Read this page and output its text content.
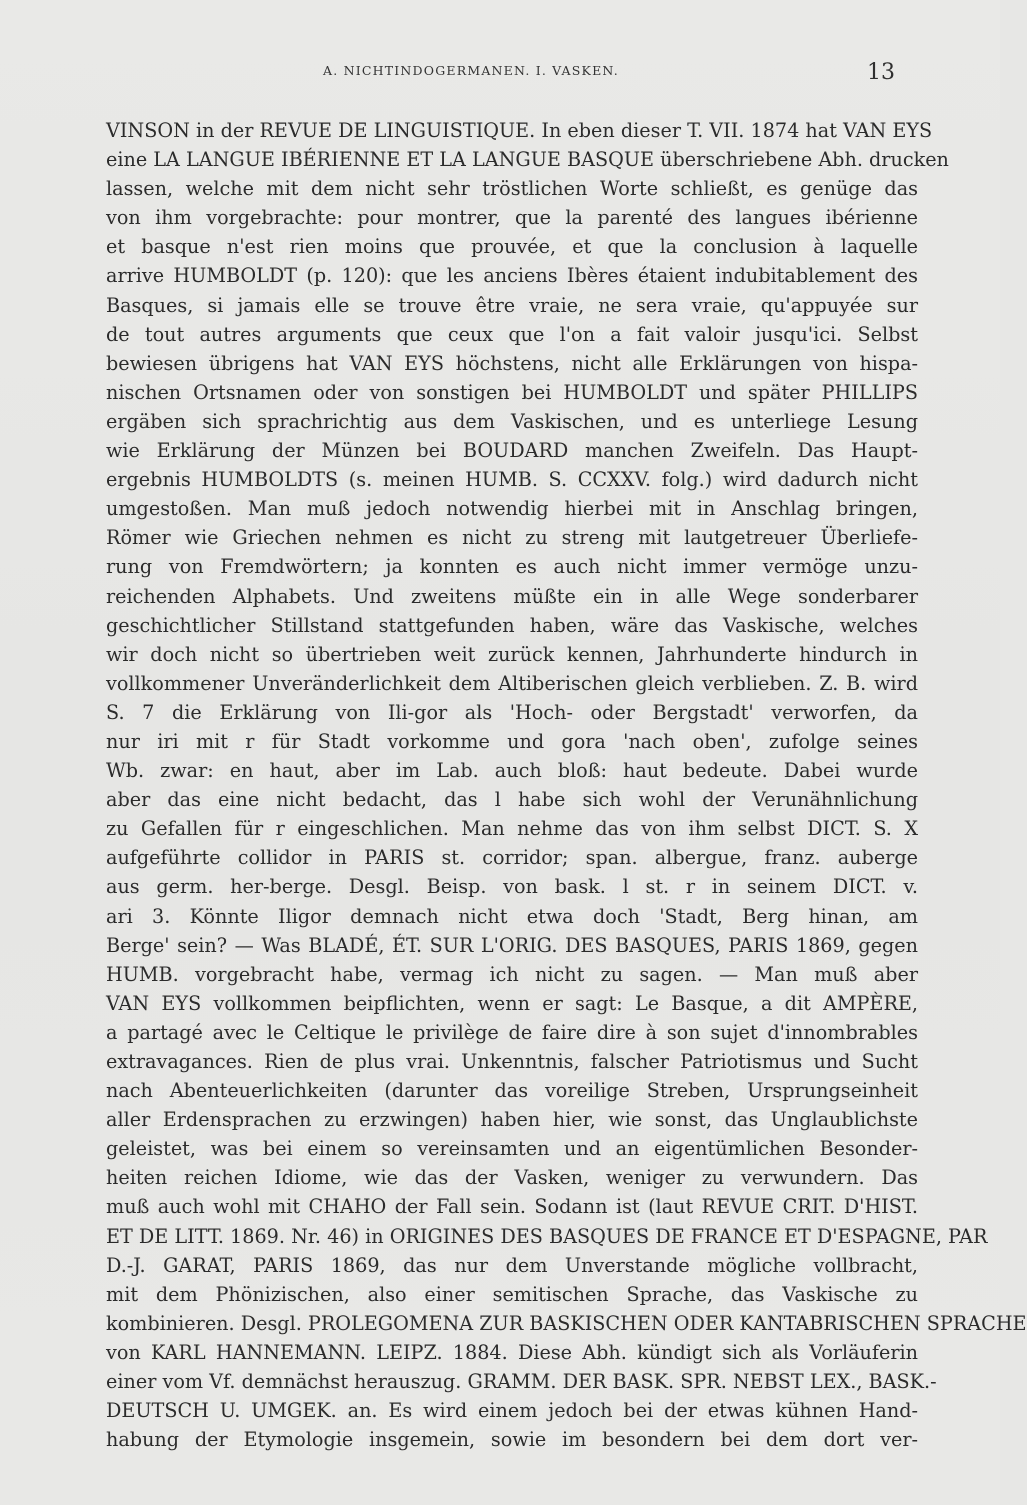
A. NICHTINDOGERMANEN. I. VASKEN.	13
VINSON in der REVUE DE LINGUISTIQUE. In eben dieser T. VII. 1874 hat VAN EYS
eine LA LANGUE IBÉRIENNE ET LA LANGUE BASQUE überschriebene Abh. drucken
lassen, welche mit dem nicht sehr tröstlichen Worte schließt, es genüge das
von ihm vorgebrachte: pour montrer, que la parenté des langues ibérienne
et basque n'est rien moins que prouvée, et que la conclusion à laquelle
arrive HUMBOLDT (p. 120): que les anciens Ibères étaient indubitablement des
Basques, si jamais elle se trouve être vraie, ne sera vraie, qu'appuyée sur
de tout autres arguments que ceux que l'on a fait valoir jusqu'ici. Selbst
bewiesen übrigens hat VAN EYS höchstens, nicht alle Erklärungen von hispa-
nischen Ortsnamen oder von sonstigen bei HUMBOLDT und später PHILLIPS
ergäben sich sprachrichtig aus dem Vaskischen, und es unterliege Lesung
wie Erklärung der Münzen bei BOUDARD manchen Zweifeln. Das Haupt-
ergebnis HUMBOLDTS (s. meinen HUMB. S. CCXXV. folg.) wird dadurch nicht
umgestoßen. Man muß jedoch notwendig hierbei mit in Anschlag bringen,
Römer wie Griechen nehmen es nicht zu streng mit lautgetreuer Überliefe-
rung von Fremdwörtern; ja konnten es auch nicht immer vermöge unzu-
reichenden Alphabets. Und zweitens müßte ein in alle Wege sonderbarer
geschichtlicher Stillstand stattgefunden haben, wäre das Vaskische, welches
wir doch nicht so übertrieben weit zurück kennen, Jahrhunderte hindurch in
vollkommener Unveränderlichkeit dem Altiberischen gleich verblieben. Z. B. wird
S. 7 die Erklärung von Ili-gor als 'Hoch- oder Bergstadt' verworfen, da
nur iri mit r für Stadt vorkomme und gora 'nach oben', zufolge seines
Wb. zwar: en haut, aber im Lab. auch bloß: haut bedeute. Dabei wurde
aber das eine nicht bedacht, das l habe sich wohl der Verunähnlichung
zu Gefallen für r eingeschlichen. Man nehme das von ihm selbst DICT. S. X
aufgeführte collidor in PARIS st. corridor; span. albergue, franz. auberge
aus germ. her-berge. Desgl. Beisp. von bask. l st. r in seinem DICT. v.
ari 3. Könnte Iligor demnach nicht etwa doch 'Stadt, Berg hinan, am
Berge' sein? — Was BLADÉ, ÉT. SUR L'ORIG. DES BASQUES, PARIS 1869, gegen
HUMB. vorgebracht habe, vermag ich nicht zu sagen. — Man muß aber
VAN EYS vollkommen beipflichten, wenn er sagt: Le Basque, a dit AMPÈRE,
a partagé avec le Celtique le privilège de faire dire à son sujet d'innombrables
extravagances. Rien de plus vrai. Unkenntnis, falscher Patriotismus und Sucht
nach Abenteuerlichkeiten (darunter das voreilige Streben, Ursprungseinheit
aller Erdensprachen zu erzwingen) haben hier, wie sonst, das Unglaublichste
geleistet, was bei einem so vereinsamten und an eigentümlichen Besonder-
heiten reichen Idiome, wie das der Vasken, weniger zu verwundern. Das
muß auch wohl mit CHAHO der Fall sein. Sodann ist (laut REVUE CRIT. D'HIST.
ET DE LITT. 1869. Nr. 46) in ORIGINES DES BASQUES DE FRANCE ET D'ESPAGNE, PAR
D.-J. GARAT, PARIS 1869, das nur dem Unverstande mögliche vollbracht,
mit dem Phönizischen, also einer semitischen Sprache, das Vaskische zu
kombinieren. Desgl. PROLEGOMENA ZUR BASKISCHEN ODER KANTABRISCHEN SPRACHE
von KARL HANNEMANN. LEIPZ. 1884. Diese Abh. kündigt sich als Vorläuferin
einer vom Vf. demnächst herauszug. GRAMM. DER BASK. SPR. NEBST LEX., BASK.-
DEUTSCH U. UMGEK. an. Es wird einem jedoch bei der etwas kühnen Hand-
habung der Etymologie insgemein, sowie im besondern bei dem dort ver-
